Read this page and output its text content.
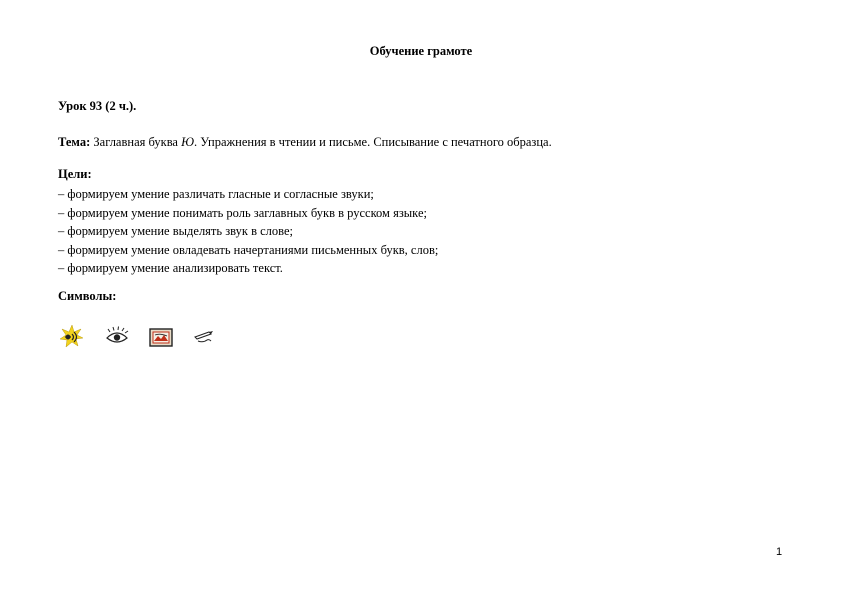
Обучение грамоте
Урок 93 (2 ч.).
Тема: Заглавная буква Ю. Упражнения в чтении и письме. Списывание с печатного образца.
Цели:
– формируем умение различать гласные и согласные звуки;
– формируем умение понимать роль заглавных букв в русском языке;
– формируем умение выделять звук в слове;
– формируем умение овладевать начертаниями письменных букв, слов;
– формируем умение анализировать текст.
Символы:
1
